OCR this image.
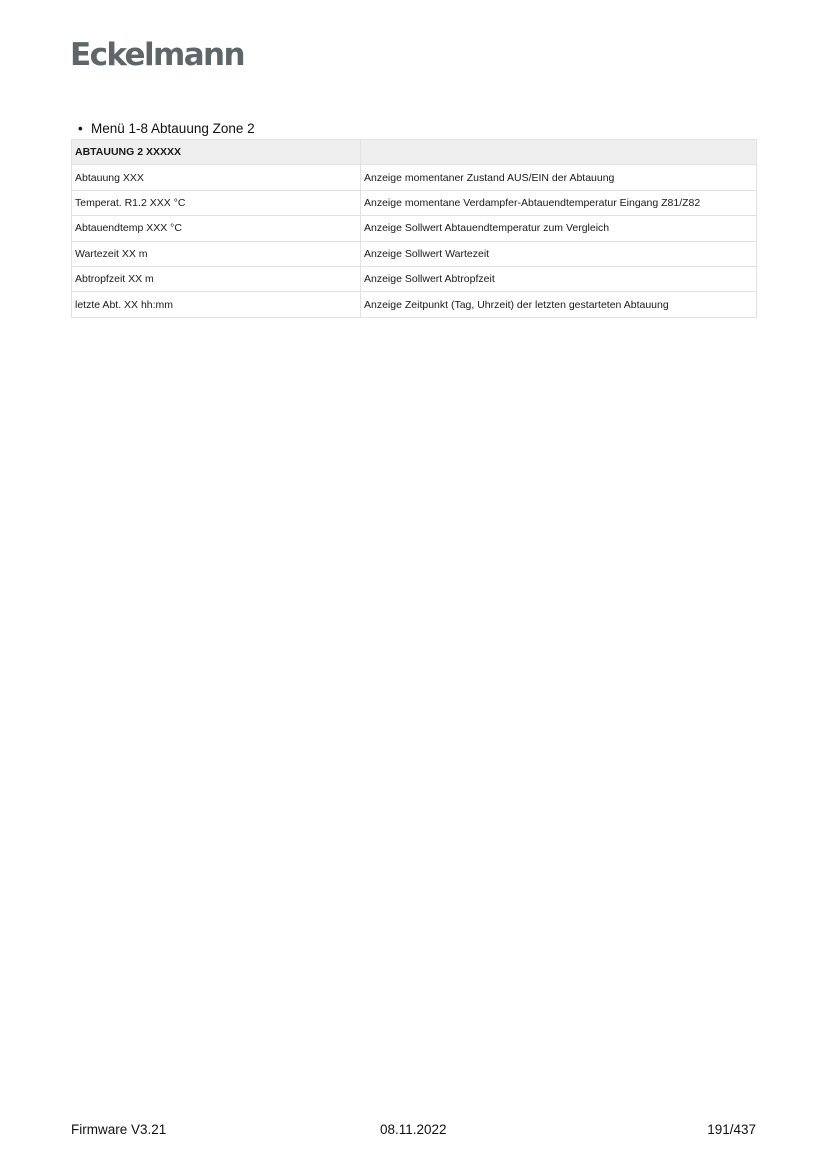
Eckelmann
• Menü 1-8 Abtauung Zone 2
ABTAUUNG 2 XXXXX	
Abtauung XXX	Anzeige momentaner Zustand AUS/EIN der Abtauung
Temperat. R1.2 XXX °C	Anzeige momentane Verdampfer-Abtauendtemperatur Eingang Z81/Z82
Abtauendtemp XXX °C	Anzeige Sollwert Abtauendtemperatur zum Vergleich
Wartezeit XX m	Anzeige Sollwert Wartezeit
Abtropfzeit XX m	Anzeige Sollwert Abtropfzeit
letzte Abt. XX hh:mm	Anzeige Zeitpunkt (Tag, Uhrzeit) der letzten gestarteten Abtauung
Firmware V3.21	08.11.2022	191/437
